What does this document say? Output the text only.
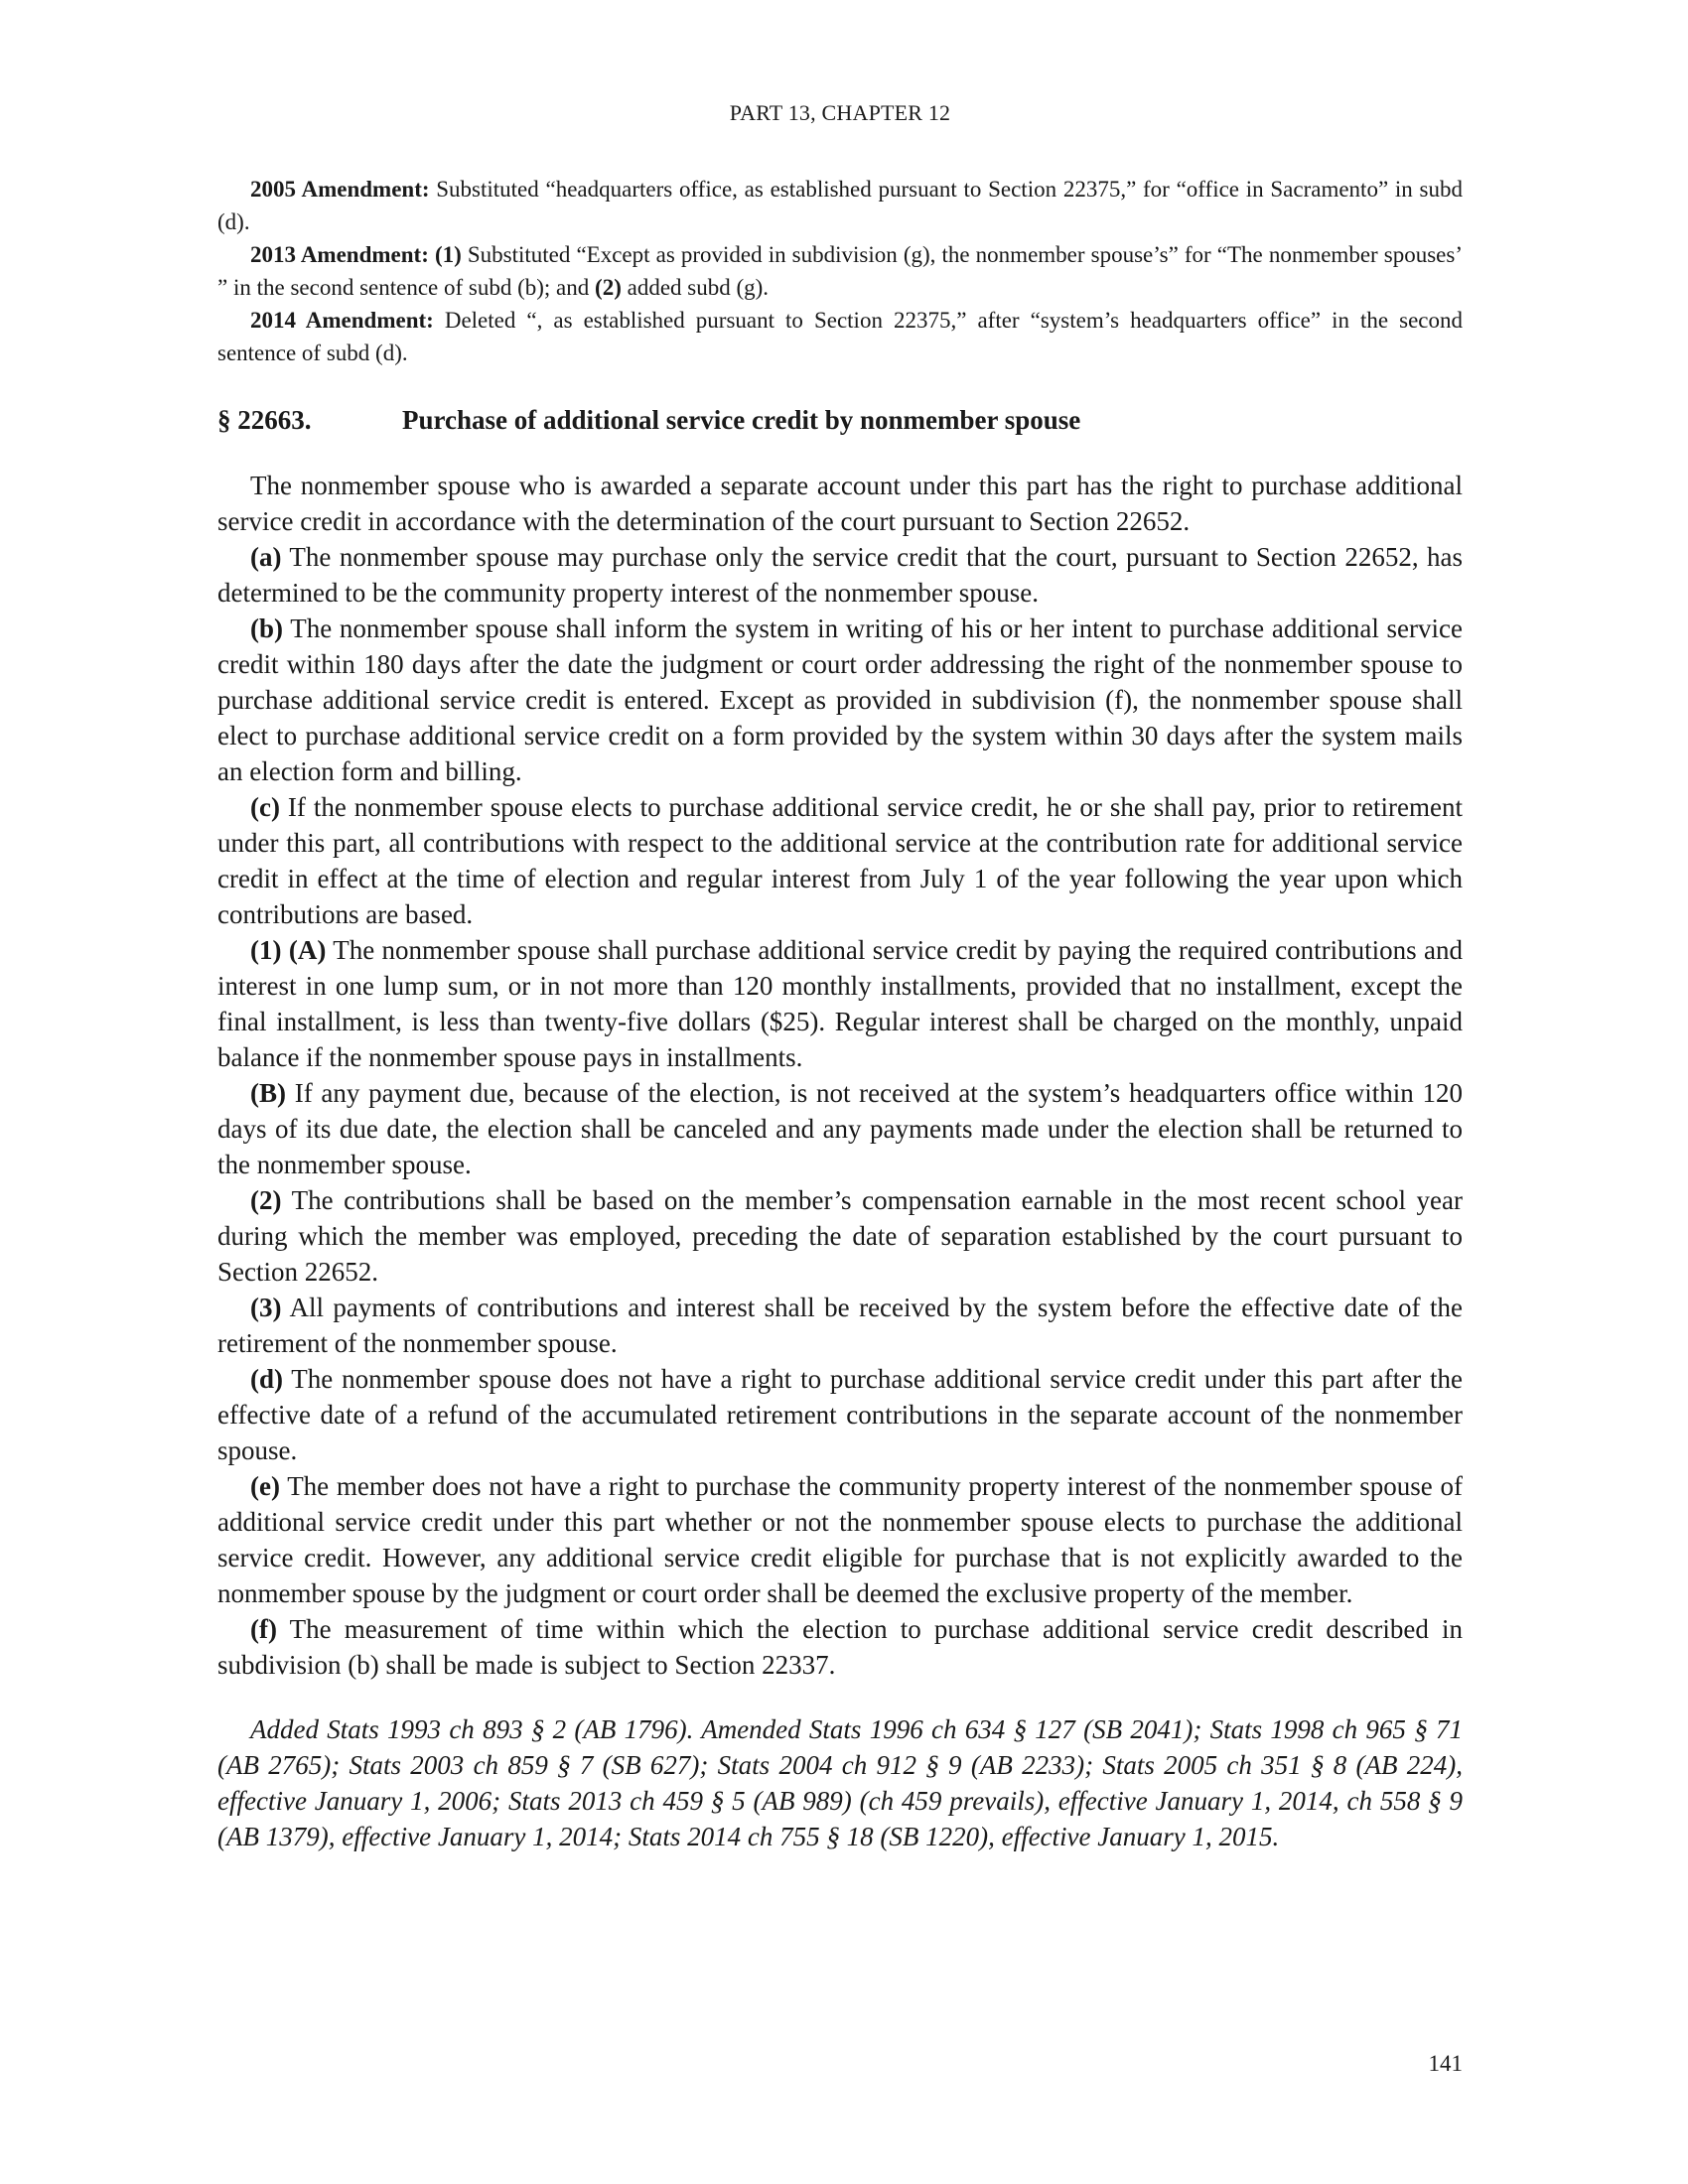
PART 13, CHAPTER 12

2005 Amendment: Substituted “headquarters office, as established pursuant to Section 22375,” for “office in Sacramento” in subd (d).

2013 Amendment: (1) Substituted “Except as provided in subdivision (g), the nonmember spouse’s” for “The nonmember spouses’ ” in the second sentence of subd (b); and (2) added subd (g).

2014 Amendment: Deleted “, as established pursuant to Section 22375,” after “system’s headquarters office” in the second sentence of subd (d).

§ 22663.	Purchase of additional service credit by nonmember spouse

The nonmember spouse who is awarded a separate account under this part has the right to purchase additional service credit in accordance with the determination of the court pursuant to Section 22652.

(a) The nonmember spouse may purchase only the service credit that the court, pursuant to Section 22652, has determined to be the community property interest of the nonmember spouse.

(b) The nonmember spouse shall inform the system in writing of his or her intent to purchase additional service credit within 180 days after the date the judgment or court order addressing the right of the nonmember spouse to purchase additional service credit is entered. Except as provided in subdivision (f), the nonmember spouse shall elect to purchase additional service credit on a form provided by the system within 30 days after the system mails an election form and billing.

(c) If the nonmember spouse elects to purchase additional service credit, he or she shall pay, prior to retirement under this part, all contributions with respect to the additional service at the contribution rate for additional service credit in effect at the time of election and regular interest from July 1 of the year following the year upon which contributions are based.

(1) (A) The nonmember spouse shall purchase additional service credit by paying the required contributions and interest in one lump sum, or in not more than 120 monthly installments, provided that no installment, except the final installment, is less than twenty-five dollars ($25). Regular interest shall be charged on the monthly, unpaid balance if the nonmember spouse pays in installments.

(B) If any payment due, because of the election, is not received at the system’s headquarters office within 120 days of its due date, the election shall be canceled and any payments made under the election shall be returned to the nonmember spouse.

(2) The contributions shall be based on the member’s compensation earnable in the most recent school year during which the member was employed, preceding the date of separation established by the court pursuant to Section 22652.

(3) All payments of contributions and interest shall be received by the system before the effective date of the retirement of the nonmember spouse.

(d) The nonmember spouse does not have a right to purchase additional service credit under this part after the effective date of a refund of the accumulated retirement contributions in the separate account of the nonmember spouse.

(e) The member does not have a right to purchase the community property interest of the nonmember spouse of additional service credit under this part whether or not the nonmember spouse elects to purchase the additional service credit. However, any additional service credit eligible for purchase that is not explicitly awarded to the nonmember spouse by the judgment or court order shall be deemed the exclusive property of the member.

(f) The measurement of time within which the election to purchase additional service credit described in subdivision (b) shall be made is subject to Section 22337.

Added Stats 1993 ch 893 § 2 (AB 1796). Amended Stats 1996 ch 634 § 127 (SB 2041); Stats 1998 ch 965 § 71 (AB 2765); Stats 2003 ch 859 § 7 (SB 627); Stats 2004 ch 912 § 9 (AB 2233); Stats 2005 ch 351 § 8 (AB 224), effective January 1, 2006; Stats 2013 ch 459 § 5 (AB 989) (ch 459 prevails), effective January 1, 2014, ch 558 § 9 (AB 1379), effective January 1, 2014; Stats 2014 ch 755 § 18 (SB 1220), effective January 1, 2015.

141
